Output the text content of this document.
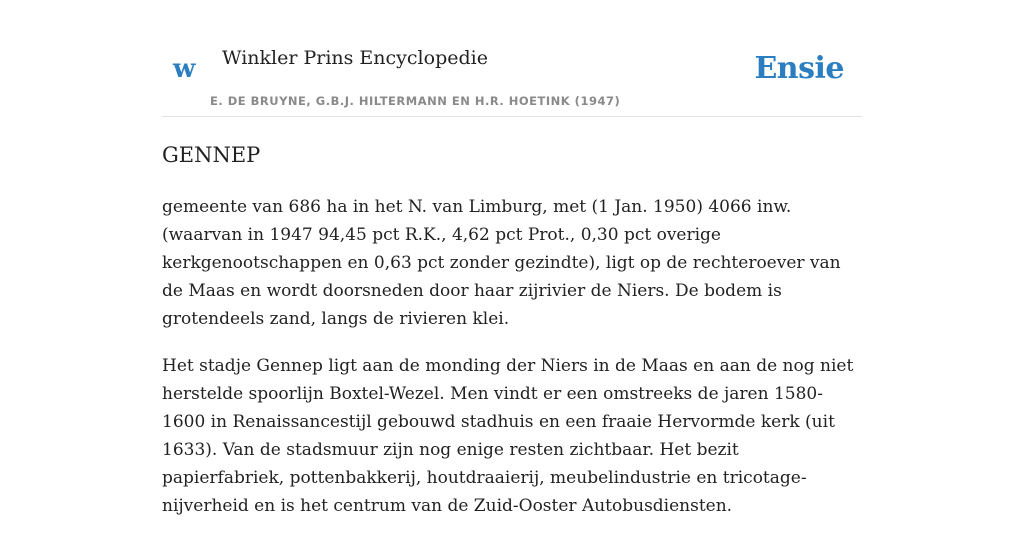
w Winkler Prins Encyclopedie
E. DE BRUYNE, G.B.J. HILTERMANN EN H.R. HOETINK (1947)
Ensie
GENNEP

gemeente van 686 ha in het N. van Limburg, met (1 Jan. 1950) 4066 inw. (waarvan in 1947 94,45 pct R.K., 4,62 pct Prot., 0,30 pct overige kerkgenootschappen en 0,63 pct zonder gezindte), ligt op de rechteroever van de Maas en wordt doorsneden door haar zijrivier de Niers. De bodem is grotendeels zand, langs de rivieren klei.

Het stadje Gennep ligt aan de monding der Niers in de Maas en aan de nog niet herstelde spoorlijn Boxtel-Wezel. Men vindt er een omstreeks de jaren 1580-1600 in Renaissancestijl gebouwd stadhuis en een fraaie Hervormde kerk (uit 1633). Van de stadsmuur zijn nog enige resten zichtbaar. Het bezit papierfabriek, pottenbakkerij, houtdraaierij, meubelindustrie en tricotage-nijverheid en is het centrum van de Zuid-Ooster Autobusdiensten.
